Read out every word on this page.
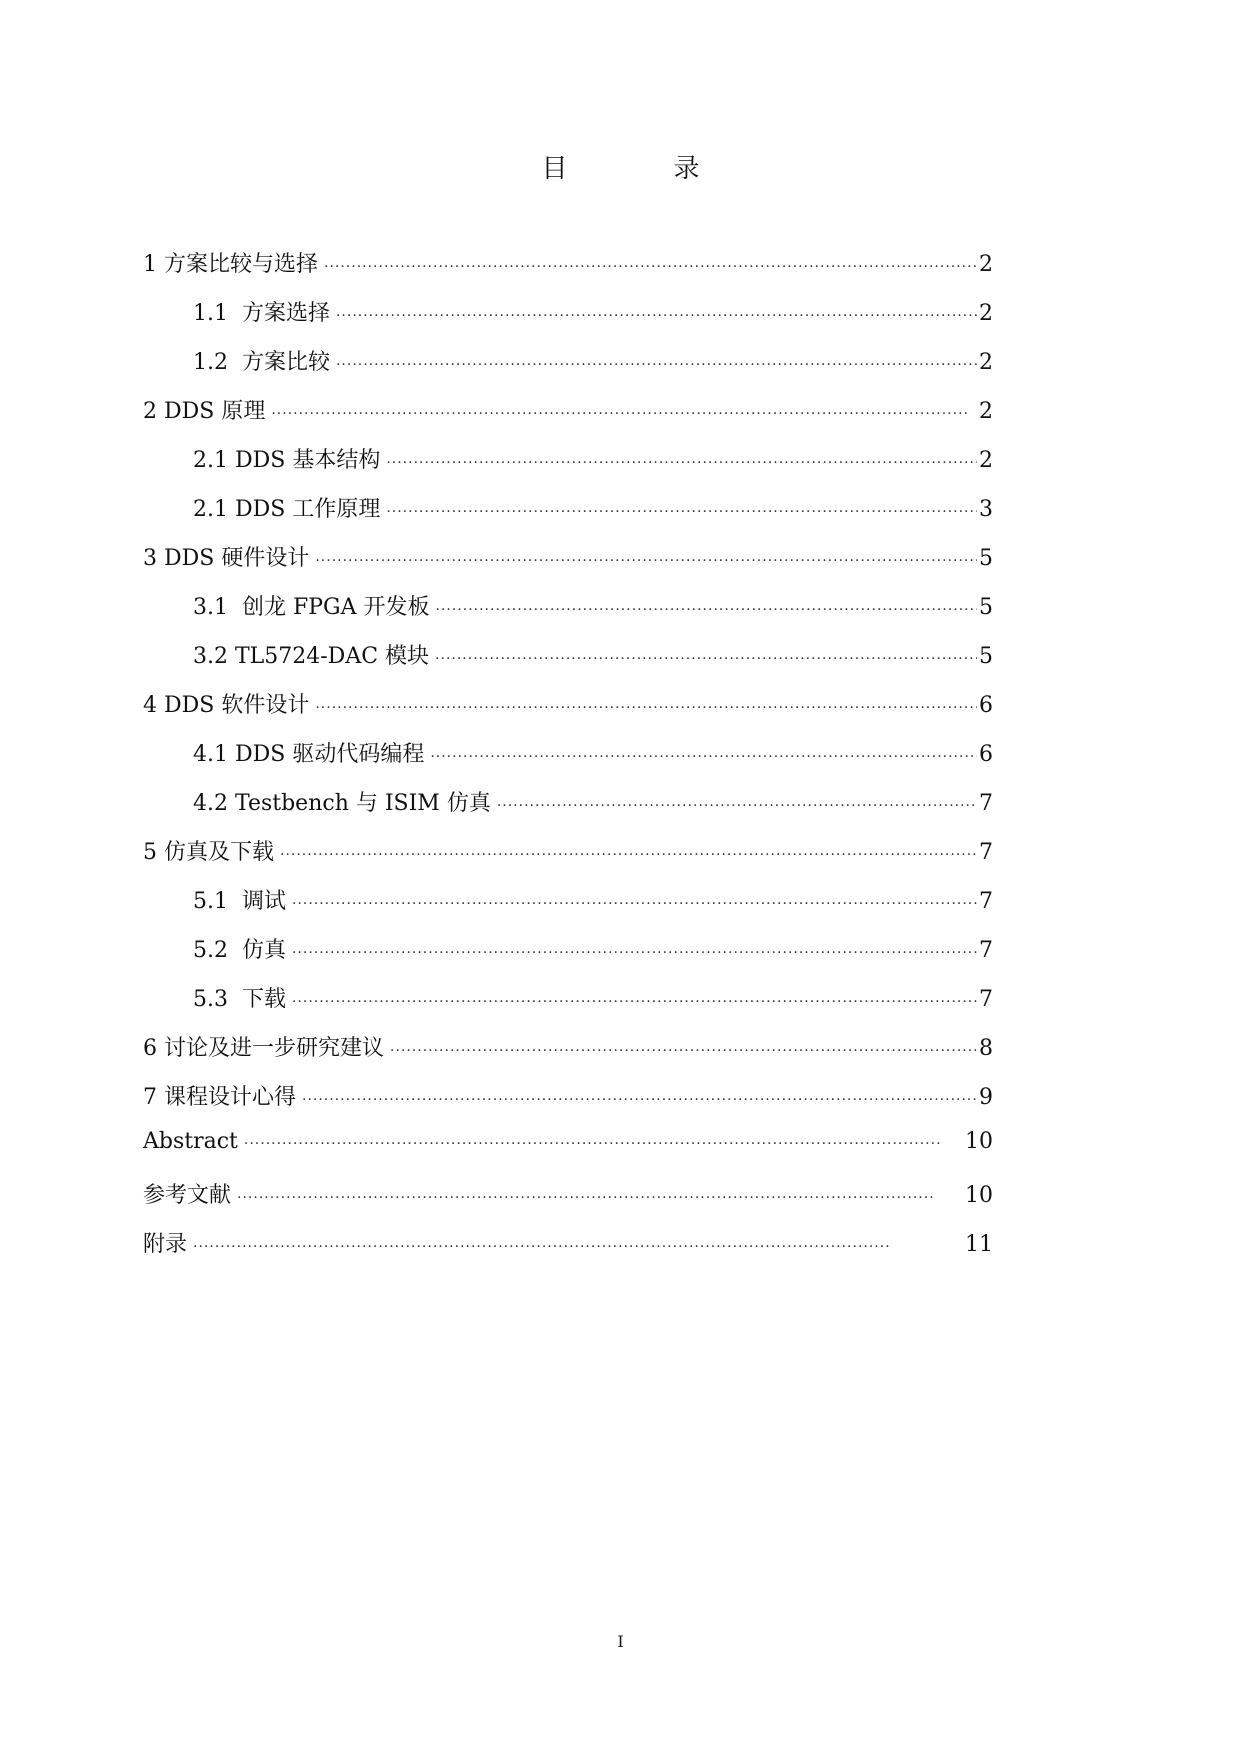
目　录
1 方案比较与选择 ·····	2
1.1  方案选择 ·····	2
1.2  方案比较 ·····	2
2 DDS 原理 ·····	2
2.1 DDS 基本结构 ·····	2
2.1 DDS 工作原理 ·····	3
3 DDS 硬件设计 ·····	5
3.1  创龙 FPGA 开发板 ·····	5
3.2 TL5724-DAC 模块 ·····	5
4 DDS 软件设计 ·····	6
4.1 DDS 驱动代码编程 ·····	6
4.2 Testbench 与 ISIM 仿真 ·····	7
5 仿真及下载 ·····	7
5.1  调试 ·····	7
5.2  仿真 ·····	7
5.3  下载 ·····	7
6 讨论及进一步研究建议 ·····	8
7 课程设计心得 ·····	9
Abstract ·····	10
参考文献 ·····	10
附录 ·····	11
I
